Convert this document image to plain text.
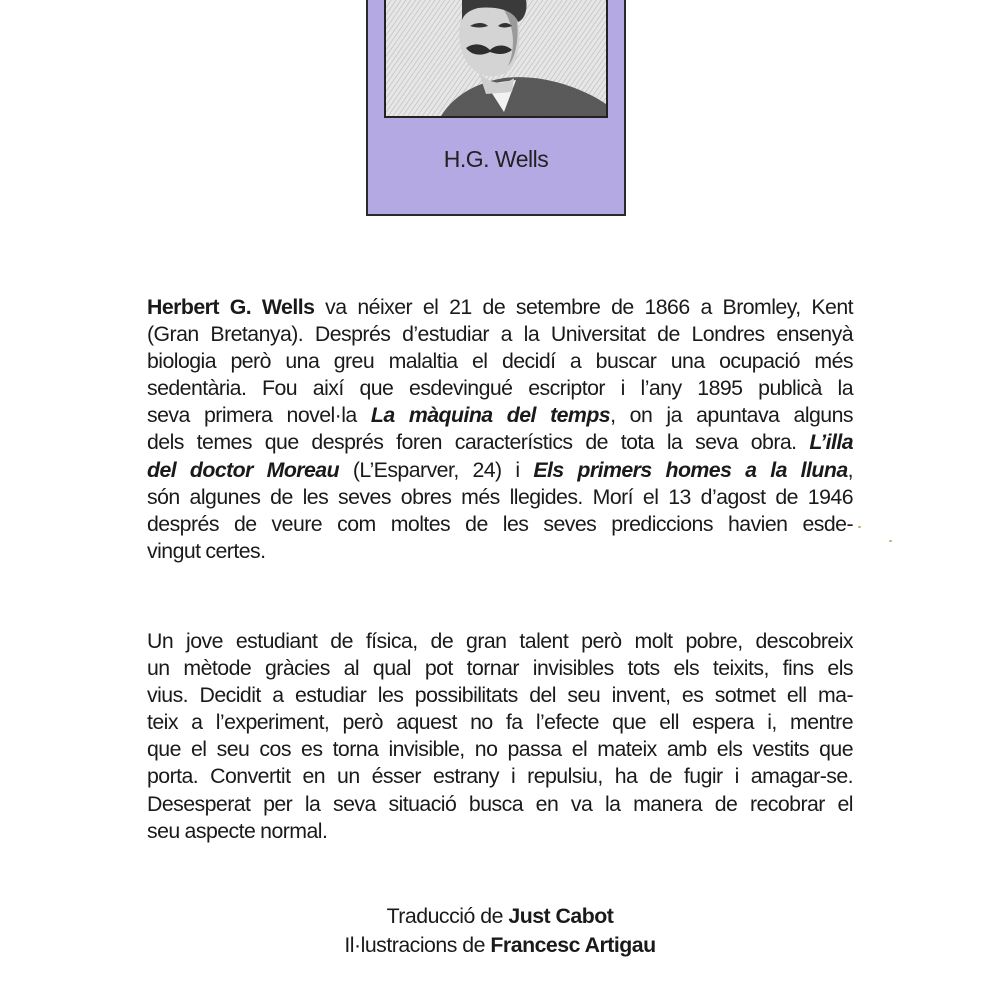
H.G. Wells
Herbert G. Wells va néixer el 21 de setembre de 1866 a Bromley, Kent
(Gran Bretanya). Després d’estudiar a la Universitat de Londres ensenyà
biologia però una greu malaltia el decidí a buscar una ocupació més
sedentària. Fou així que esdevingué escriptor i l’any 1895 publicà la
seva primera novel·la La màquina del temps, on ja apuntava alguns
dels temes que després foren característics de tota la seva obra. L’illa
del doctor Moreau (L’Esparver, 24) i Els primers homes a la lluna,
són algunes de les seves obres més llegides. Morí el 13 d’agost de 1946
després de veure com moltes de les seves prediccions havien esde-
vingut certes.
Un jove estudiant de física, de gran talent però molt pobre, descobreix
un mètode gràcies al qual pot tornar invisibles tots els teixits, fins els
vius. Decidit a estudiar les possibilitats del seu invent, es sotmet ell ma-
teix a l’experiment, però aquest no fa l’efecte que ell espera i, mentre
que el seu cos es torna invisible, no passa el mateix amb els vestits que
porta. Convertit en un ésser estrany i repulsiu, ha de fugir i amagar-se.
Desesperat per la seva situació busca en va la manera de recobrar el
seu aspecte normal.
Traducció de Just Cabot
Il·lustracions de Francesc Artigau
